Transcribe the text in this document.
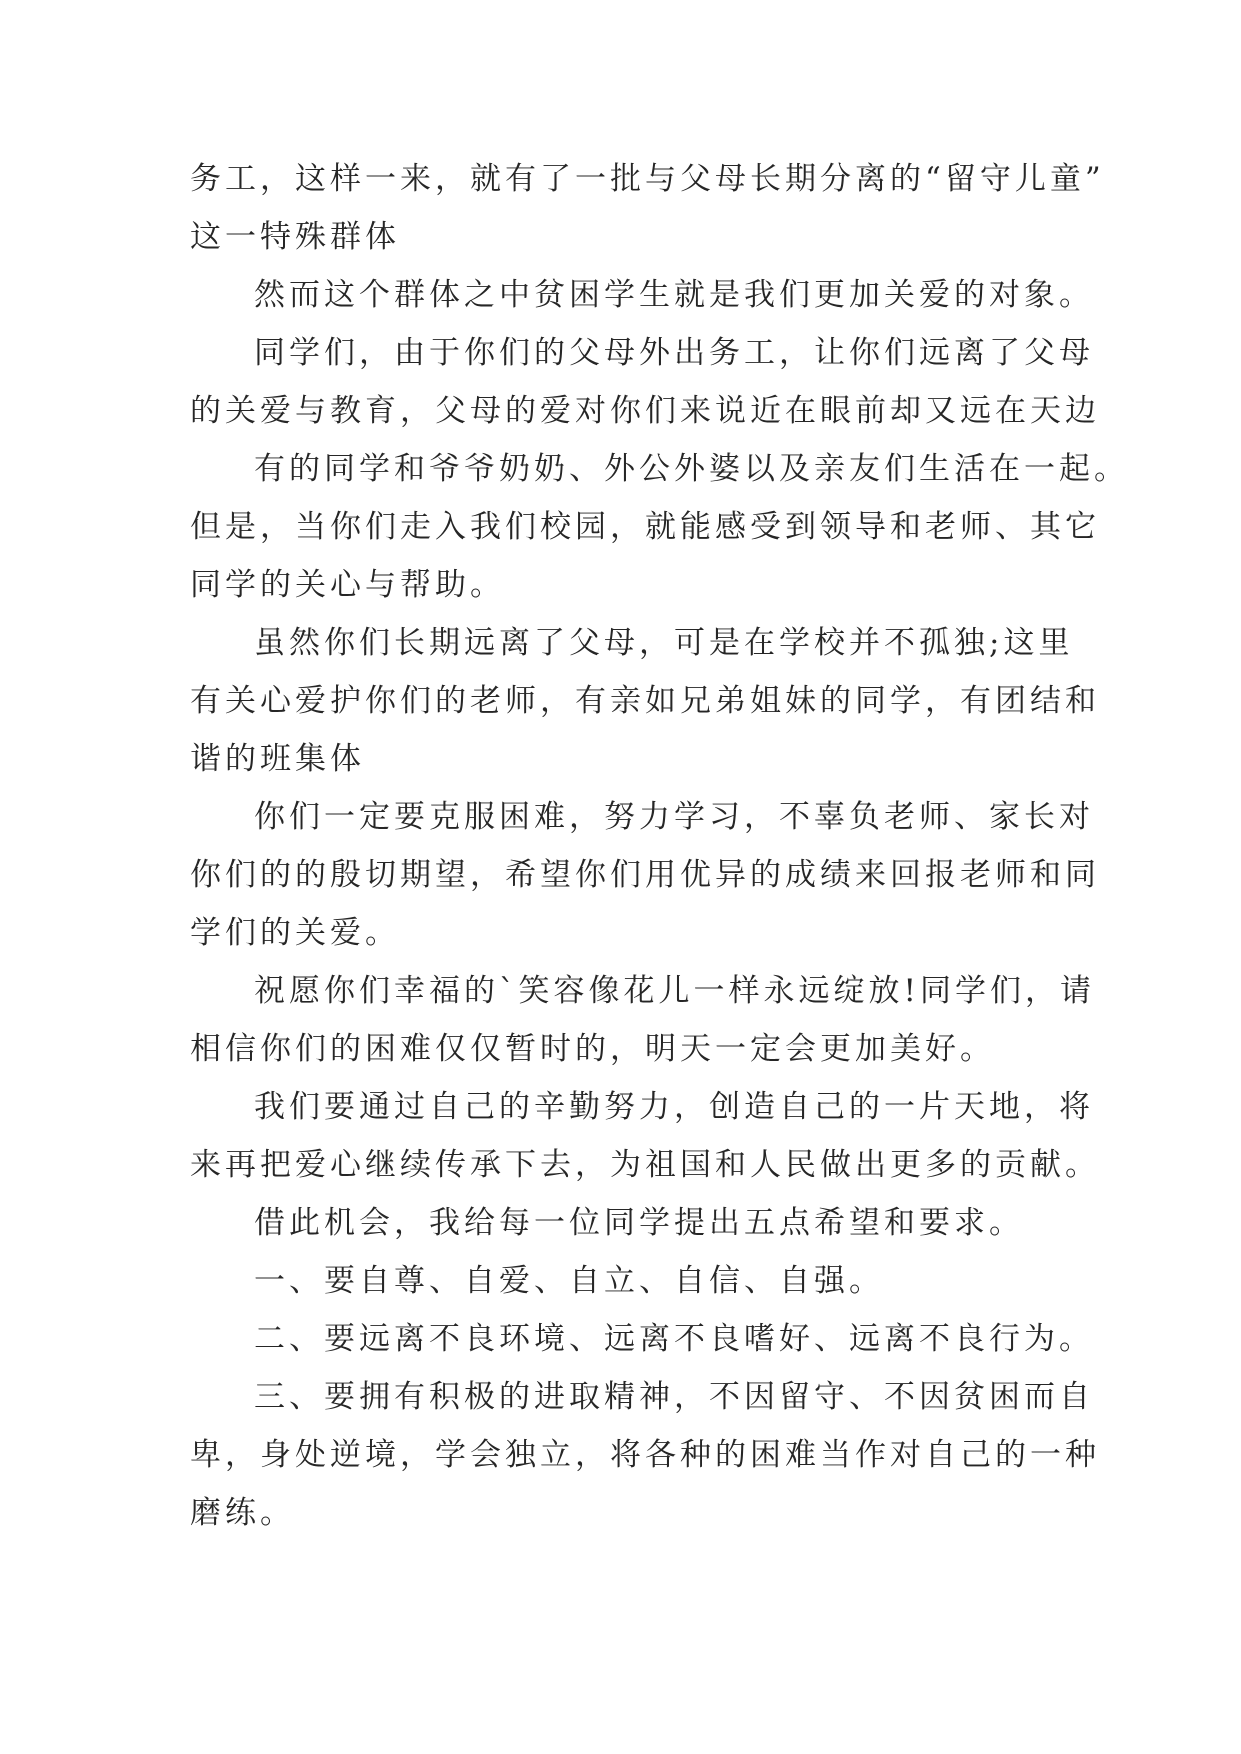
务工，这样一来，就有了一批与父母长期分离的“留守儿童”
这一特殊群体
然而这个群体之中贫困学生就是我们更加关爱的对象。
同学们，由于你们的父母外出务工，让你们远离了父母
的关爱与教育，父母的爱对你们来说近在眼前却又远在天边
有的同学和爷爷奶奶、外公外婆以及亲友们生活在一起。
但是，当你们走入我们校园，就能感受到领导和老师、其它
同学的关心与帮助。
虽然你们长期远离了父母，可是在学校并不孤独;这里
有关心爱护你们的老师，有亲如兄弟姐妹的同学，有团结和
谐的班集体
你们一定要克服困难，努力学习，不辜负老师、家长对
你们的的殷切期望，希望你们用优异的成绩来回报老师和同
学们的关爱。
祝愿你们幸福的`笑容像花儿一样永远绽放!同学们，请
相信你们的困难仅仅暂时的，明天一定会更加美好。
我们要通过自己的辛勤努力，创造自己的一片天地，将
来再把爱心继续传承下去，为祖国和人民做出更多的贡献。
借此机会，我给每一位同学提出五点希望和要求。
一、要自尊、自爱、自立、自信、自强。
二、要远离不良环境、远离不良嗜好、远离不良行为。
三、要拥有积极的进取精神，不因留守、不因贫困而自
卑，身处逆境，学会独立，将各种的困难当作对自己的一种
磨练。
